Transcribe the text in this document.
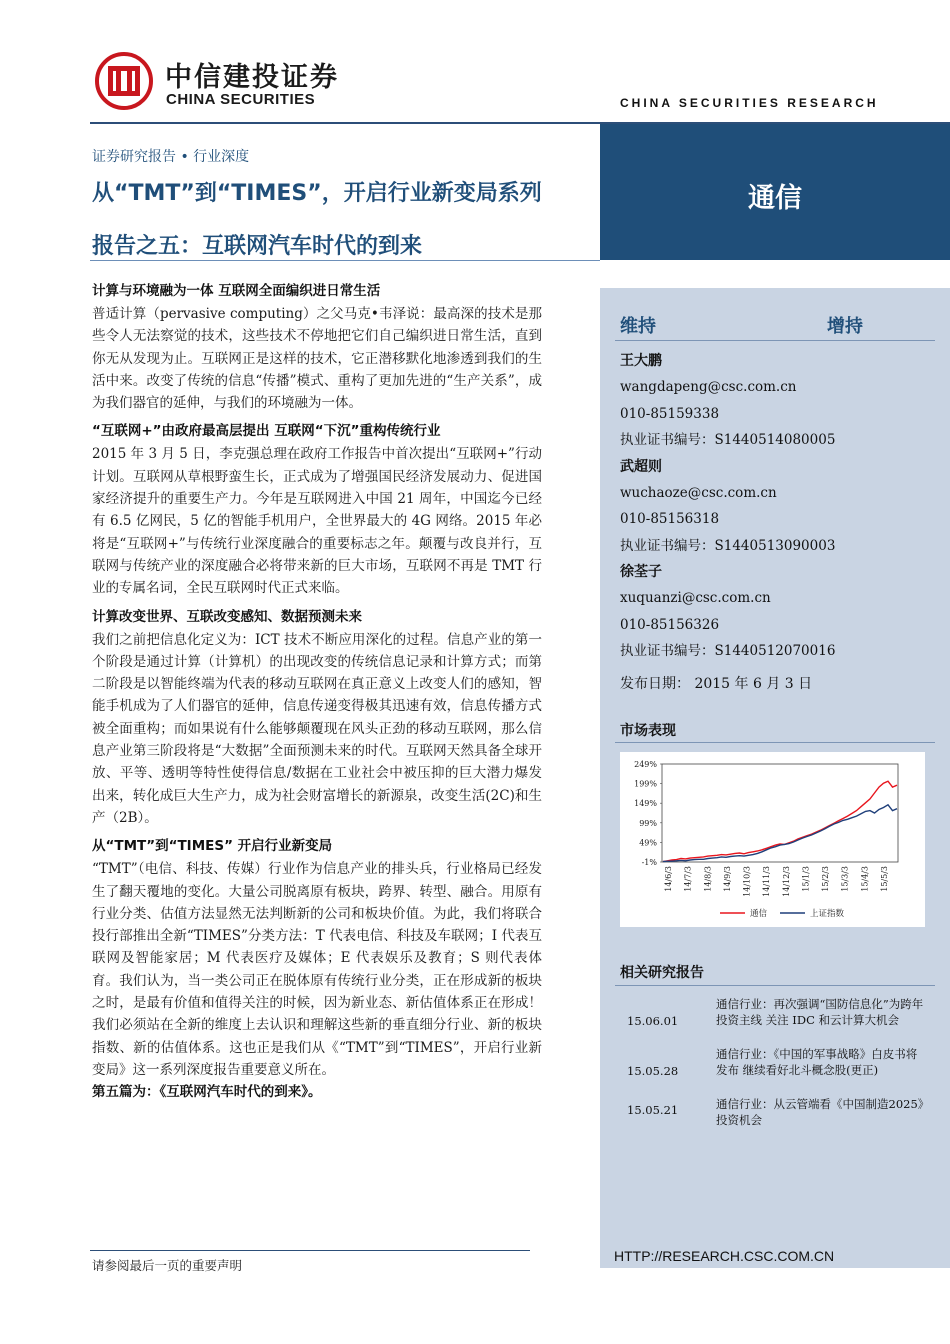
中信建投证券
CHINA SECURITIES	CHINA SECURITIES RESEARCH
通信
证券研究报告 • 行业深度
从“TMT”到“TIMES”，开启行业新变局系列
报告之五：互联网汽车时代的到来
计算与环境融为一体 互联网全面编织进日常生活
普适计算（pervasive computing）之父马克•韦泽说：最高深的技术是那些令人无法察觉的技术，这些技术不停地把它们自己编织进日常生活，直到你无从发现为止。互联网正是这样的技术，它正潜移默化地渗透到我们的生活中来。改变了传统的信息“传播”模式、重构了更加先进的“生产关系”，成为我们器官的延伸，与我们的环境融为一体。
“互联网+”由政府最高层提出 互联网“下沉”重构传统行业
2015 年 3 月 5 日，李克强总理在政府工作报告中首次提出“互联网+”行动计划。互联网从草根野蛮生长，正式成为了增强国民经济发展动力、促进国家经济提升的重要生产力。今年是互联网进入中国 21 周年，中国迄今已经有 6.5 亿网民，5 亿的智能手机用户，全世界最大的 4G 网络。2015 年必将是“互联网+”与传统行业深度融合的重要标志之年。颠覆与改良并行，互联网与传统产业的深度融合必将带来新的巨大市场，互联网不再是 TMT 行业的专属名词，全民互联网时代正式来临。
计算改变世界、互联改变感知、数据预测未来
我们之前把信息化定义为：ICT 技术不断应用深化的过程。信息产业的第一个阶段是通过计算（计算机）的出现改变的传统信息记录和计算方式；而第二阶段是以智能终端为代表的移动互联网在真正意义上改变人们的感知，智能手机成为了人们器官的延伸，信息传递变得极其迅速有效，信息传播方式被全面重构；而如果说有什么能够颠覆现在风头正劲的移动互联网，那么信息产业第三阶段将是“大数据”全面预测未来的时代。互联网天然具备全球开放、平等、透明等特性使得信息/数据在工业社会中被压抑的巨大潜力爆发出来，转化成巨大生产力，成为社会财富增长的新源泉，改变生活(2C)和生产（2B）。
从“TMT”到“TIMES” 开启行业新变局
“TMT”（电信、科技、传媒）行业作为信息产业的排头兵，行业格局已经发生了翻天覆地的变化。大量公司脱离原有板块，跨界、转型、融合。用原有行业分类、估值方法显然无法判断新的公司和板块价值。为此，我们将联合投行部推出全新“TIMES”分类方法：T 代表电信、科技及车联网；I 代表互联网及智能家居；M 代表医疗及媒体；E 代表娱乐及教育；S 则代表体育。我们认为，当一类公司正在脱体原有传统行业分类，正在形成新的板块之时，是最有价值和值得关注的时候，因为新业态、新估值体系正在形成！我们必须站在全新的维度上去认识和理解这些新的垂直细分行业、新的板块指数、新的估值体系。这也正是我们从《“TMT”到“TIMES”，开启行业新变局》这一系列深度报告重要意义所在。
第五篇为：《互联网汽车时代的到来》。
请参阅最后一页的重要声明
HTTP://RESEARCH.CSC.COM.CN
维持	增持
王大鹏
wangdapeng@csc.com.cn
010-85159338
执业证书编号：S1440514080005
武超则
wuchaoze@csc.com.cn
010-85156318
执业证书编号：S1440513090003
徐荃子
xuquanzi@csc.com.cn
010-85156326
执业证书编号：S1440512070016
发布日期： 2015 年 6 月 3 日
市场表现
249%
199%
149%
99%
49%
-1%
14/6/3 14/7/3 14/8/3 14/9/3 14/10/3 14/11/3 14/12/3 15/1/3 15/2/3 15/3/3 15/4/3 15/5/3
通信	上证指数
相关研究报告
15.06.01
通信行业：再次强调“国防信息化”为跨年投资主线 关注 IDC 和云计算大机会
15.05.28
通信行业：《中国的军事战略》白皮书将发布 继续看好北斗概念股(更正)
15.05.21	通信行业：从云管端看《中国制造2025》投资机会
